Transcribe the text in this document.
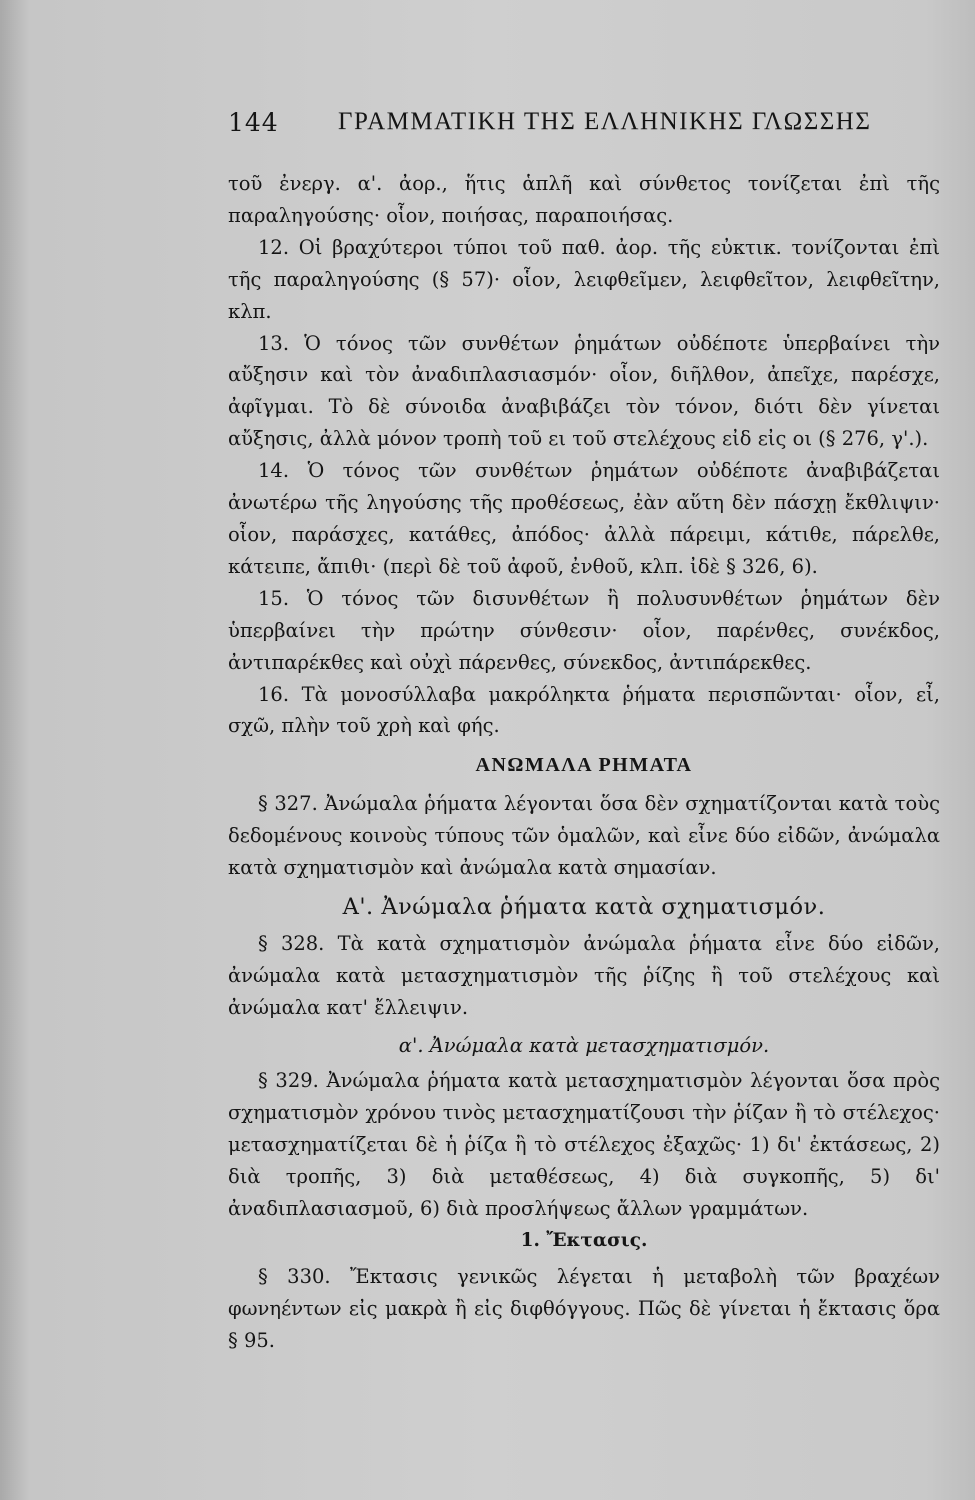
144 ΓΡΑΜΜΑΤΙΚΗ ΤΗΣ ΕΛΛΗΝΙΚΗΣ ΓΛΩΣΣΗΣ

τοῦ ἐνεργ. α'. ἀορ., ἥτις ἁπλῆ καὶ σύνθετος τονίζεται ἐπὶ τῆς παραληγούσης· οἷον, ποιήσας, παραποιήσας.

12. Οἱ βραχύτεροι τύποι τοῦ παθ. ἀορ. τῆς εὐκτικ. τονίζονται ἐπὶ τῆς παραληγούσης (§ 57)· οἷον, λειφθεῖμεν, λειφθεῖτον, λειφθεῖτην, κλπ.

13. Ὁ τόνος τῶν συνθέτων ῥημάτων οὐδέποτε ὑπερβαίνει τὴν αὔξησιν καὶ τὸν ἀναδιπλασιασμόν· οἷον, διῆλθον, ἀπεῖχε, παρέσχε, ἀφῖγμαι. Τὸ δὲ σύνοιδα ἀναβιβάζει τὸν τόνον, διότι δὲν γίνεται αὔξησις, ἀλλὰ μόνον τροπὴ τοῦ ει τοῦ στελέχους εἰδ εἰς οι (§ 276, γ'.).

14. Ὁ τόνος τῶν συνθέτων ῥημάτων οὐδέποτε ἀναβιβάζεται ἀνωτέρω τῆς ληγούσης τῆς προθέσεως, ἐὰν αὕτη δὲν πάσχῃ ἔκθλιψιν· οἷον, παράσχες, κατάθες, ἀπόδος· ἀλλὰ πάρειμι, κάτιθε, πάρελθε, κάτειπε, ἄπιθι· (περὶ δὲ τοῦ ἀφοῦ, ἐνθοῦ, κλπ. ἰδὲ § 326, 6).

15. Ὁ τόνος τῶν δισυνθέτων ἢ πολυσυνθέτων ῥημάτων δὲν ὑπερβαίνει τὴν πρώτην σύνθεσιν· οἷον, παρένθες, συνέκδος, ἀντιπαρέκθες καὶ οὐχὶ πάρενθες, σύνεκδος, ἀντιπάρεκθες.

16. Τὰ μονοσύλλαβα μακρόληκτα ῥήματα περισπῶνται· οἷον, εἶ, σχῶ, πλὴν τοῦ χρὴ καὶ φής.

ΑΝΩΜΑΛΑ ΡΗΜΑΤΑ

§ 327. Ἀνώμαλα ῥήματα λέγονται ὅσα δὲν σχηματίζονται κατὰ τοὺς δεδομένους κοινοὺς τύπους τῶν ὁμαλῶν, καὶ εἶνε δύο εἰδῶν, ἀνώμαλα κατὰ σχηματισμὸν καὶ ἀνώμαλα κατὰ σημασίαν.

Α'. Ἀνώμαλα ῥήματα κατὰ σχηματισμόν.

§ 328. Τὰ κατὰ σχηματισμὸν ἀνώμαλα ῥήματα εἶνε δύο εἰδῶν, ἀνώμαλα κατὰ μετασχηματισμὸν τῆς ῥίζης ἢ τοῦ στελέχους καὶ ἀνώμαλα κατ' ἔλλειψιν.

α'. Ἀνώμαλα κατὰ μετασχηματισμόν.

§ 329. Ἀνώμαλα ῥήματα κατὰ μετασχηματισμὸν λέγονται ὅσα πρὸς σχηματισμὸν χρόνου τινὸς μετασχηματίζουσι τὴν ῥίζαν ἢ τὸ στέλεχος· μετασχηματίζεται δὲ ἡ ῥίζα ἢ τὸ στέλεχος ἐξαχῶς· 1) δι' ἐκτάσεως, 2) διὰ τροπῆς, 3) διὰ μεταθέσεως, 4) διὰ συγκοπῆς, 5) δι' ἀναδιπλασιασμοῦ, 6) διὰ προσλήψεως ἄλλων γραμμάτων.

1. Ἔκτασις.

§ 330. Ἔκτασις γενικῶς λέγεται ἡ μεταβολὴ τῶν βραχέων φωνηέντων εἰς μακρὰ ἢ εἰς διφθόγγους. Πῶς δὲ γίνεται ἡ ἔκτασις ὅρα § 95.
